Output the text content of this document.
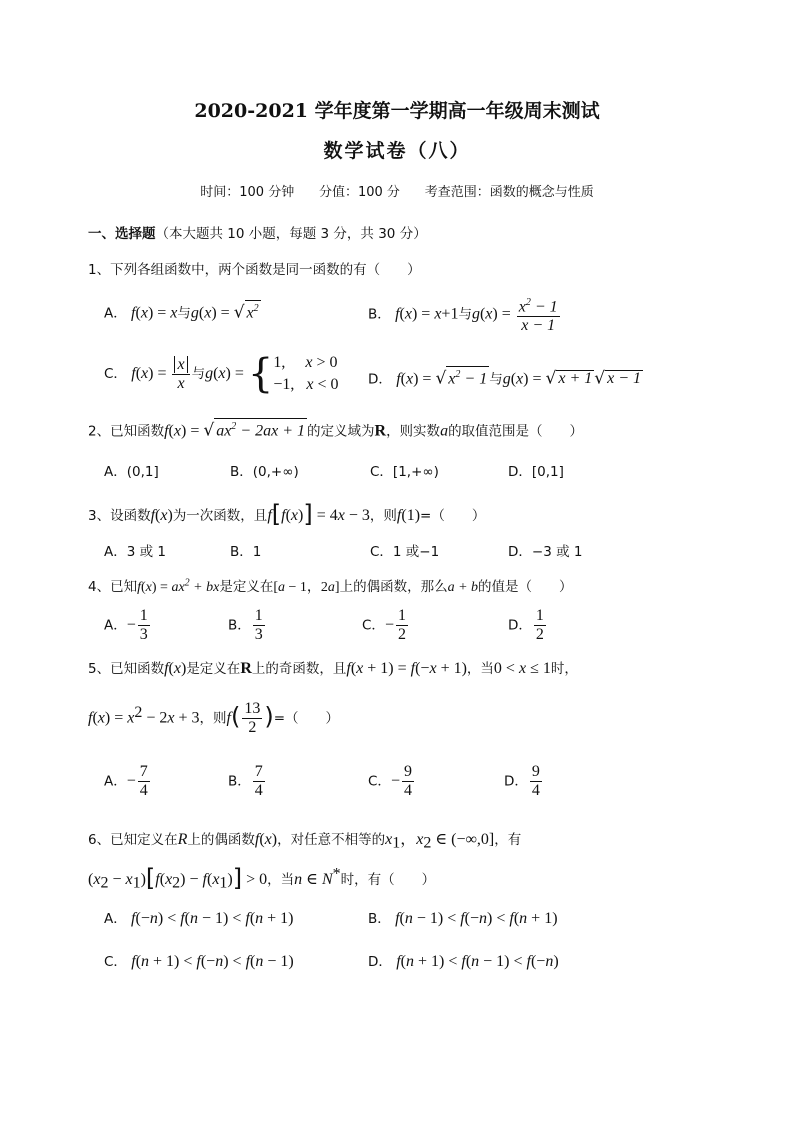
2020-2021 学年度第一学期高一年级周末测试
数学试卷（八）
时间：100 分钟      分值：100 分      考查范围：函数的概念与性质
一、选择题（本大题共 10 小题，每题 3 分，共 30 分）
1、下列各组函数中，两个函数是同一函数的有（　　）
A． f(x) = x与g(x) = √ $x^2$	B． f(x) = x+1与$g(x) = \frac{x^2 - 1}{x - 1}$
C． $f(x) = \frac{x}{x}$ 与g(x) = { 1,     x > 0
−1,   x < 0 D． f(x) = √ $x^2 - 1$ 与g(x) = √ x + 1 √ x − 1
2、已知函数f(x) = √ $ax^2 - 2ax + 1$ 的定义域为R，则实数a的取值范围是（　　）
A．(0,1]	B．(0,+∞)	C．[1,+∞)	D．[0,1]
3、设函数f(x)为一次函数，且f[f(x)] = 4x − 3，则f(1)=（　　）
A．3 或 1	B．1	C．1 或−1	D．−3 或 1
4、已知$f(x) = ax^2$ + bx是定义在[a − 1，2a]上的偶函数，那么a + b的值是（　　）
A．− $\frac{1}{3}$	B． $\frac{1}{3}$	C．− $\frac{1}{2}$	D． $\frac{1}{2}$
5、已知函数f(x)是定义在R上的奇函数，且f(x + 1) = f(−x + 1)，当0 < x ≤ 1时，
$f(x) = x^2 - 2x + 3$，则$f( \frac{13}{2}$ )=（　　）
A．− $\frac{7}{4}$	B． $\frac{7}{4}$	C．− $\frac{9}{4}$	D． $\frac{9}{4}$
6、已知定义在R上的偶函数f(x)，对任意不相等的$x_1$，$x_2$ ∈ (−∞,0]，有
$(x_2 - x_1)[f(x_2) - f(x_1)] > 0$，当n ∈ N*时，有（　　）
A． f(−n) < f(n − 1) < f(n + 1)	B． f(n − 1) < f(−n) < f(n + 1)
C． f(n + 1) < f(−n) < f(n − 1)	D． f(n + 1) < f(n − 1) < f(−n)
